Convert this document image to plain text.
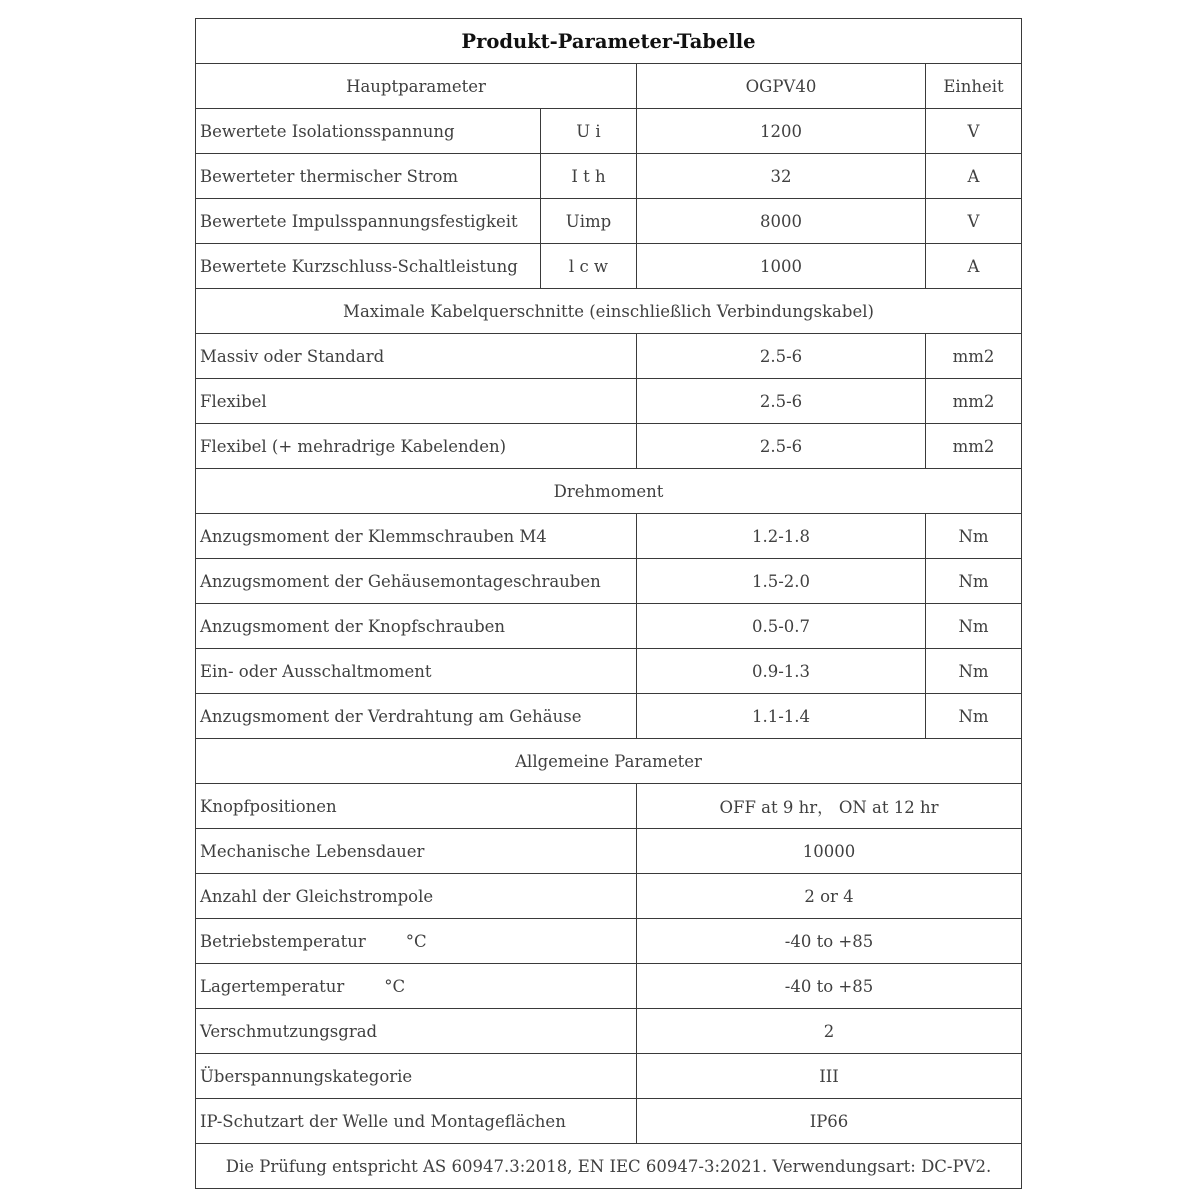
Produkt-Parameter-Tabelle			
Hauptparameter		OGPV40	Einheit
Bewertete Isolationsspannung	U i	1200	V
Bewerteter thermischer Strom	I t h	32	A
Bewertete Impulsspannungsfestigkeit	Uimp	8000	V
Bewertete Kurzschluss-Schaltleistung	l c w	1000	A
Maximale Kabelquerschnitte (einschließlich Verbindungskabel)			
Massiv oder Standard		2.5-6	mm2
Flexibel		2.5-6	mm2
Flexibel (+ mehradrige Kabelenden)		2.5-6	mm2
Drehmoment			
Anzugsmoment der Klemmschrauben M4		1.2-1.8	Nm
Anzugsmoment der Gehäusemontageschrauben		1.5-2.0	Nm
Anzugsmoment der Knopfschrauben		0.5-0.7	Nm
Ein- oder Ausschaltmoment		0.9-1.3	Nm
Anzugsmoment der Verdrahtung am Gehäuse		1.1-1.4	Nm
Allgemeine Parameter			
Knopfpositionen		OFF at 9 hr， ON at 12 hr	
Mechanische Lebensdauer		10000	
Anzahl der Gleichstrompole		2 or 4	
Betriebstemperatur °C		-40 to +85	
Lagertemperatur °C		-40 to +85	
Verschmutzungsgrad		2	
Überspannungskategorie		III	
IP-Schutzart der Welle und Montageflächen		IP66	
Die Prüfung entspricht AS 60947.3:2018, EN IEC 60947-3:2021. Verwendungsart: DC-PV2.			
